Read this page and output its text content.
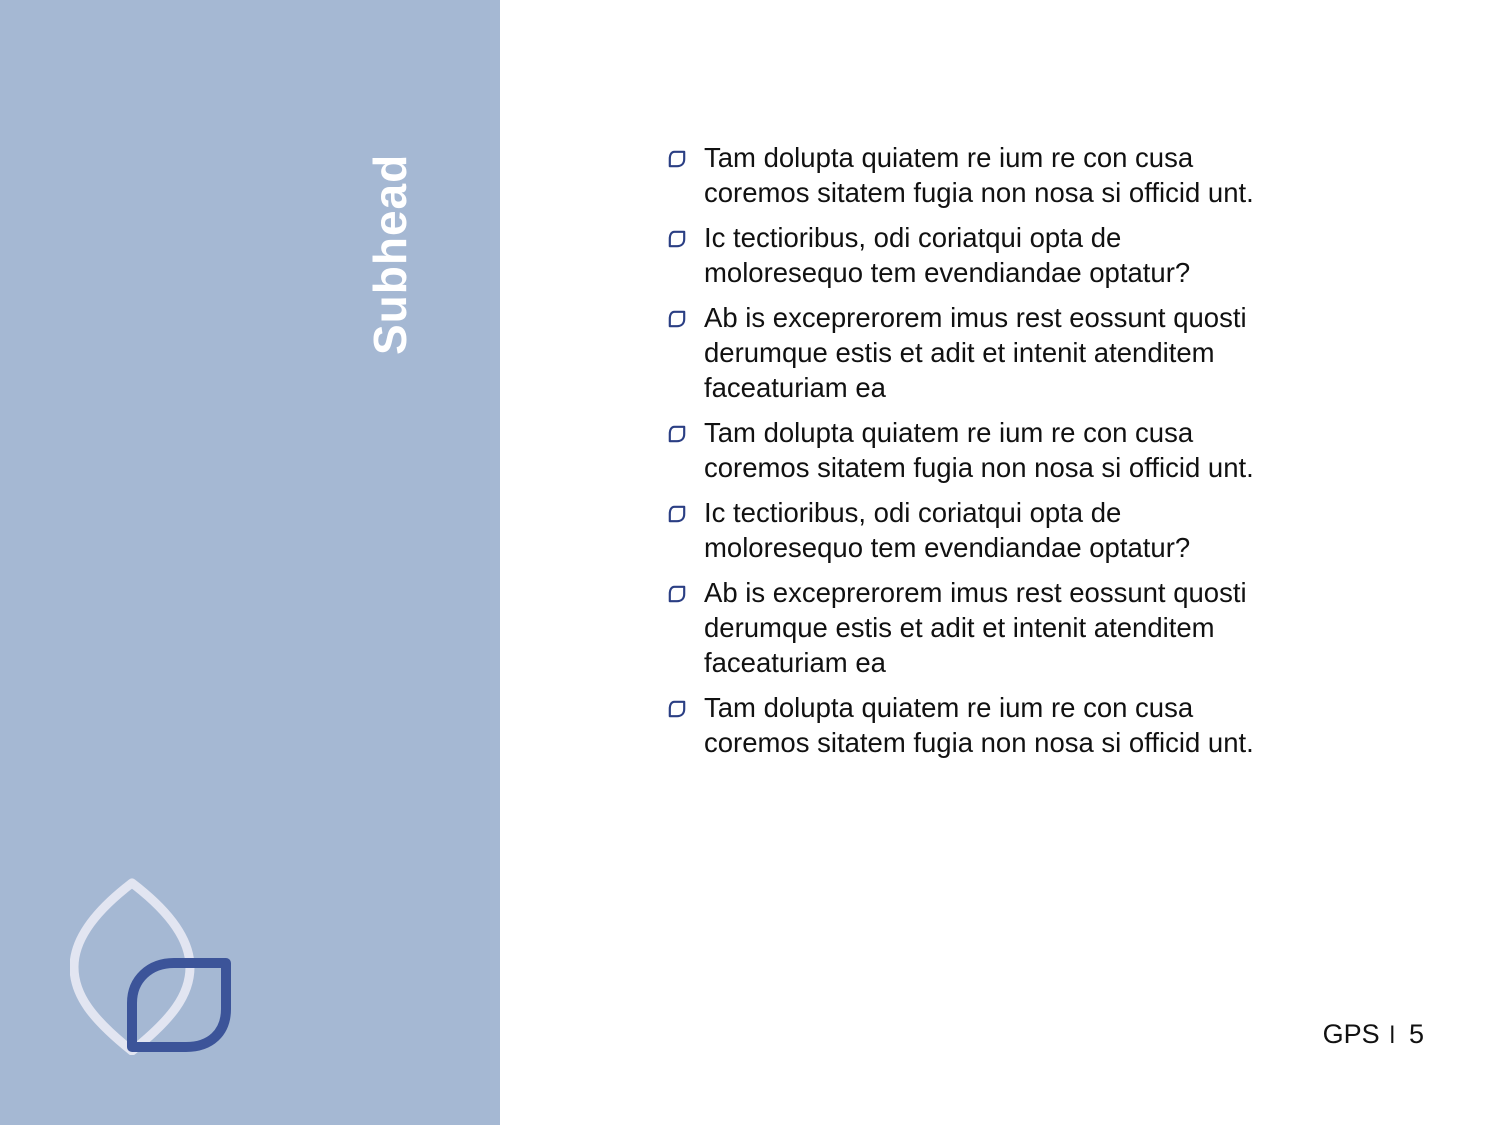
Subhead	Tam dolupta quiatem re ium re con cusa coremos sitatem fugia non nosa si officid unt.
Ic tectioribus, odi coriatqui opta de moloresequo tem evendiandae optatur?
Ab is exceprerorem imus rest eossunt quosti derumque estis et adit et intenit atenditem faceaturiam ea
Tam dolupta quiatem re ium re con cusa coremos sitatem fugia non nosa si officid unt.
Ic tectioribus, odi coriatqui opta de moloresequo tem evendiandae optatur?
Ab is exceprerorem imus rest eossunt quosti derumque estis et adit et intenit atenditem faceaturiam ea
Tam dolupta quiatem re ium re con cusa coremos sitatem fugia non nosa si officid unt.
GPS l 5
